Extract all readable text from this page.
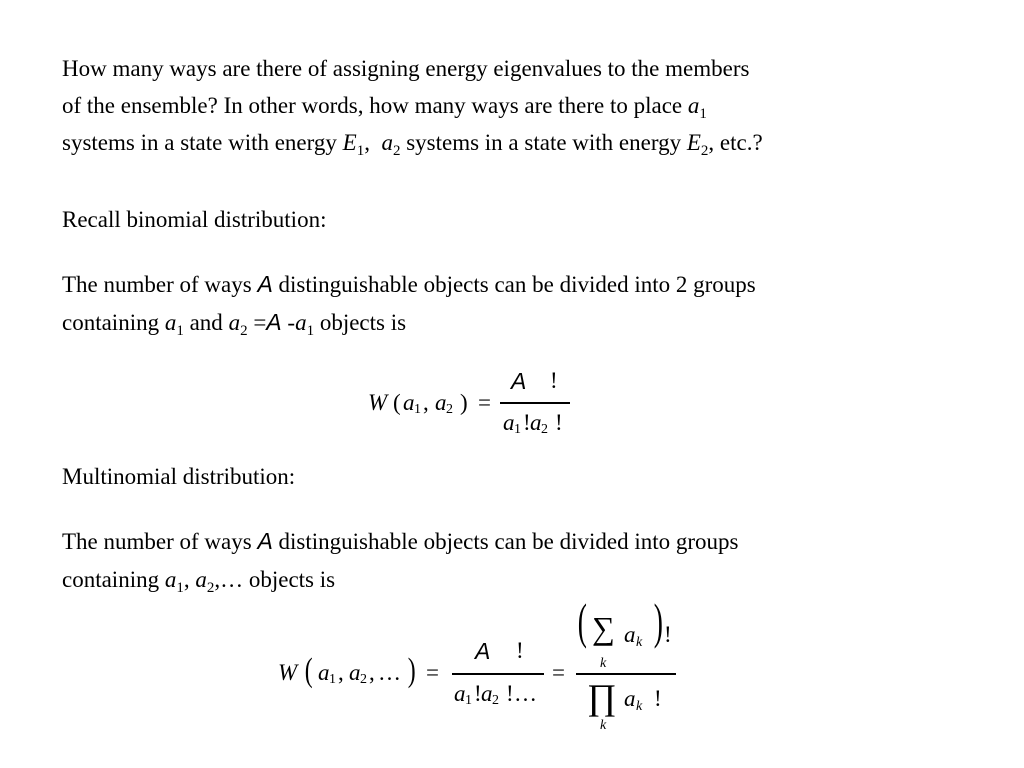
How many ways are there of assigning energy eigenvalues to the members

of the ensemble? In other words, how many ways are there to place $a_1$

systems in a state with energy $E_1$, $a_2$ systems in a state with energy $E_2$, etc.?

Recall binomial distribution:

The number of ways A distinguishable objects can be divided into 2 groups

containing $a_1$ and $a_2 =A$ $-a_1$ objects is

W ( a 1 , a 2 ) =
A !
a 1 ! a 2 !

Multinomial distribution:

The number of ways A distinguishable objects can be divided into groups

containing $a_1$, $a_2,\dots$ objects is

W ( a 1 , a 2 , … ) =
A !
a 1 ! a 2 ! …
=
( ∑
k
a k ) !
∏
k
a k !
